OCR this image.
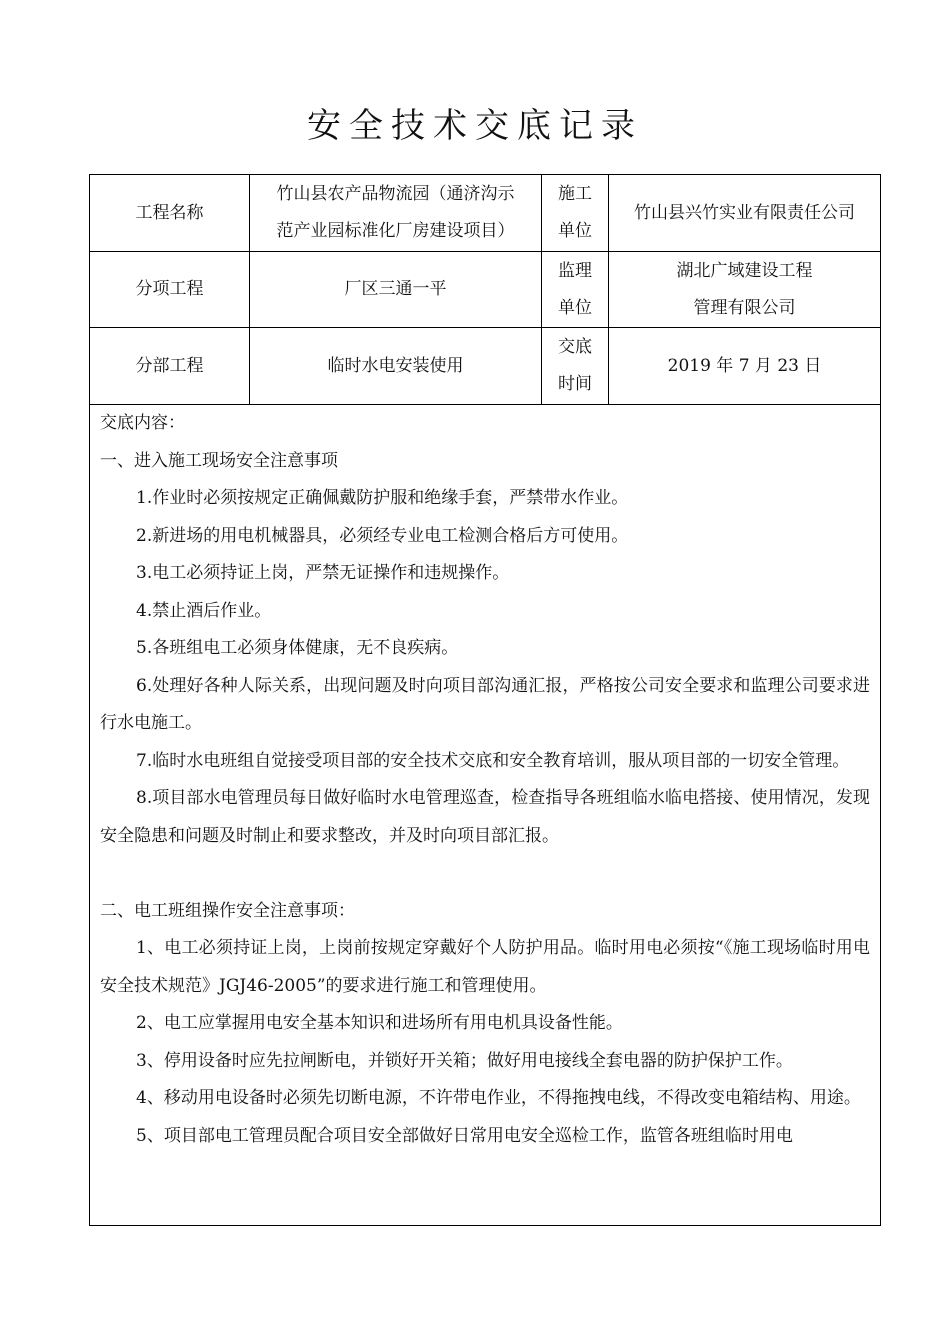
安全技术交底记录
工程名称
竹山县农产品物流园（通济沟示
范产业园标准化厂房建设项目）
施工
单位
竹山县兴竹实业有限责任公司
分项工程	厂区三通一平
监理
单位
湖北广域建设工程
管理有限公司
分部工程	临时水电安装使用
交底
时间
2019 年 7 月 23 日

交底内容：

一、进入施工现场安全注意事项

1.作业时必须按规定正确佩戴防护服和绝缘手套，严禁带水作业。

2.新进场的用电机械器具，必须经专业电工检测合格后方可使用。

3.电工必须持证上岗，严禁无证操作和违规操作。

4.禁止酒后作业。

5.各班组电工必须身体健康，无不良疾病。

6.处理好各种人际关系，出现问题及时向项目部沟通汇报，严格按公司安全要求和监理公司要求进行水电施工。

7.临时水电班组自觉接受项目部的安全技术交底和安全教育培训，服从项目部的一切安全管理。

8.项目部水电管理员每日做好临时水电管理巡查，检查指导各班组临水临电搭接、使用情况，发现安全隐患和问题及时制止和要求整改，并及时向项目部汇报。

二、电工班组操作安全注意事项：

1、电工必须持证上岗，上岗前按规定穿戴好个人防护用品。临时用电必须按“《施工现场临时用电安全技术规范》JGJ46-2005”的要求进行施工和管理使用。

2、电工应掌握用电安全基本知识和进场所有用电机具设备性能。

3、停用设备时应先拉闸断电，并锁好开关箱；做好用电接线全套电器的防护保护工作。

4、移动用电设备时必须先切断电源，不许带电作业，不得拖拽电线，不得改变电箱结构、用途。

5、项目部电工管理员配合项目安全部做好日常用电安全巡检工作，监管各班组临时用电
